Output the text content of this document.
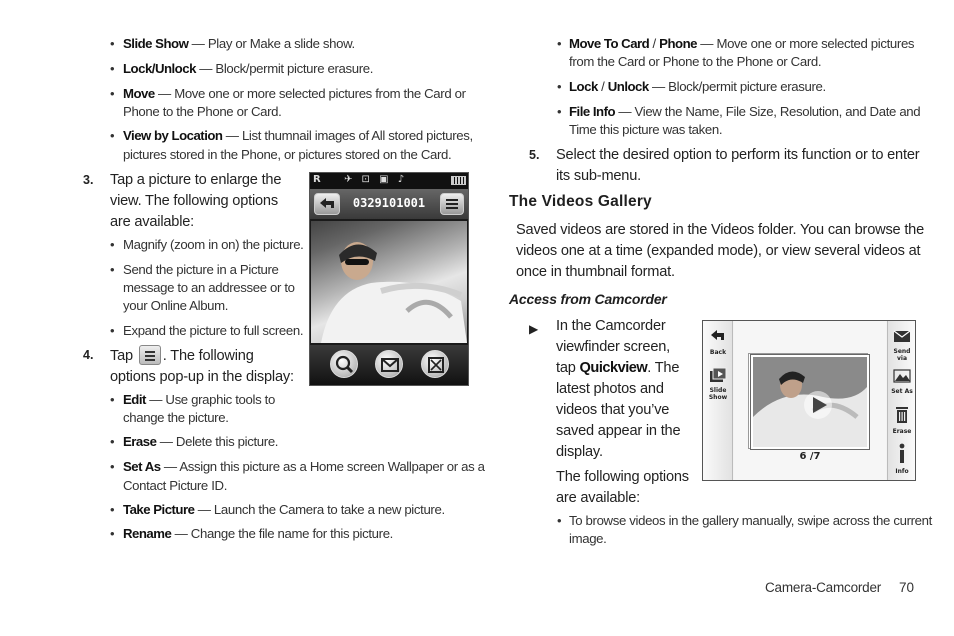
• Slide Show — Play or Make a slide show.
• Lock/Unlock — Block/permit picture erasure.
• Move — Move one or more selected pictures from the Card or
Phone to the Phone or Card.
• View by Location — List thumnail images of All stored pictures,
pictures stored in the Phone, or pictures stored on the Card.
3. Tap a picture to enlarge the
view. The following options
are available:
• Magnify (zoom in on) the picture.
• Send the picture in a Picture
message to an addressee or to
your Online Album.
• Expand the picture to full screen.
4. Tap . The following
options pop-up in the display:
• Edit — Use graphic tools to
change the picture.
• Erase — Delete this picture.
• Set As — Assign this picture as a Home screen Wallpaper or as a
Contact Picture ID.
• Take Picture — Launch the Camera to take a new picture.
• Rename — Change the file name for this picture.
R ✈ ⊡ ▣ ♪
0329101001
• Move To Card / Phone — Move one or more selected pictures
from the Card or Phone to the Phone or Card.
• Lock / Unlock — Block/permit picture erasure.
• File Info — View the Name, File Size, Resolution, and Date and
Time this picture was taken.
5. Select the desired option to perform its function or to enter
its sub-menu.
The Videos Gallery
Saved videos are stored in the Videos folder. You can browse the
videos one at a time (expanded mode), or view several videos at
once in thumbnail format.
Access from Camcorder
▶ In the Camcorder
viewfinder screen,
tap Quickview. The
latest photos and
videos that you’ve
saved appear in the
display.
The following options
are available:
• To browse videos in the gallery manually, swipe across the current
image.
Back
Slide
Show
6 /7
Send via
Set As
Erase
Info
Camera-Camcorder 70
